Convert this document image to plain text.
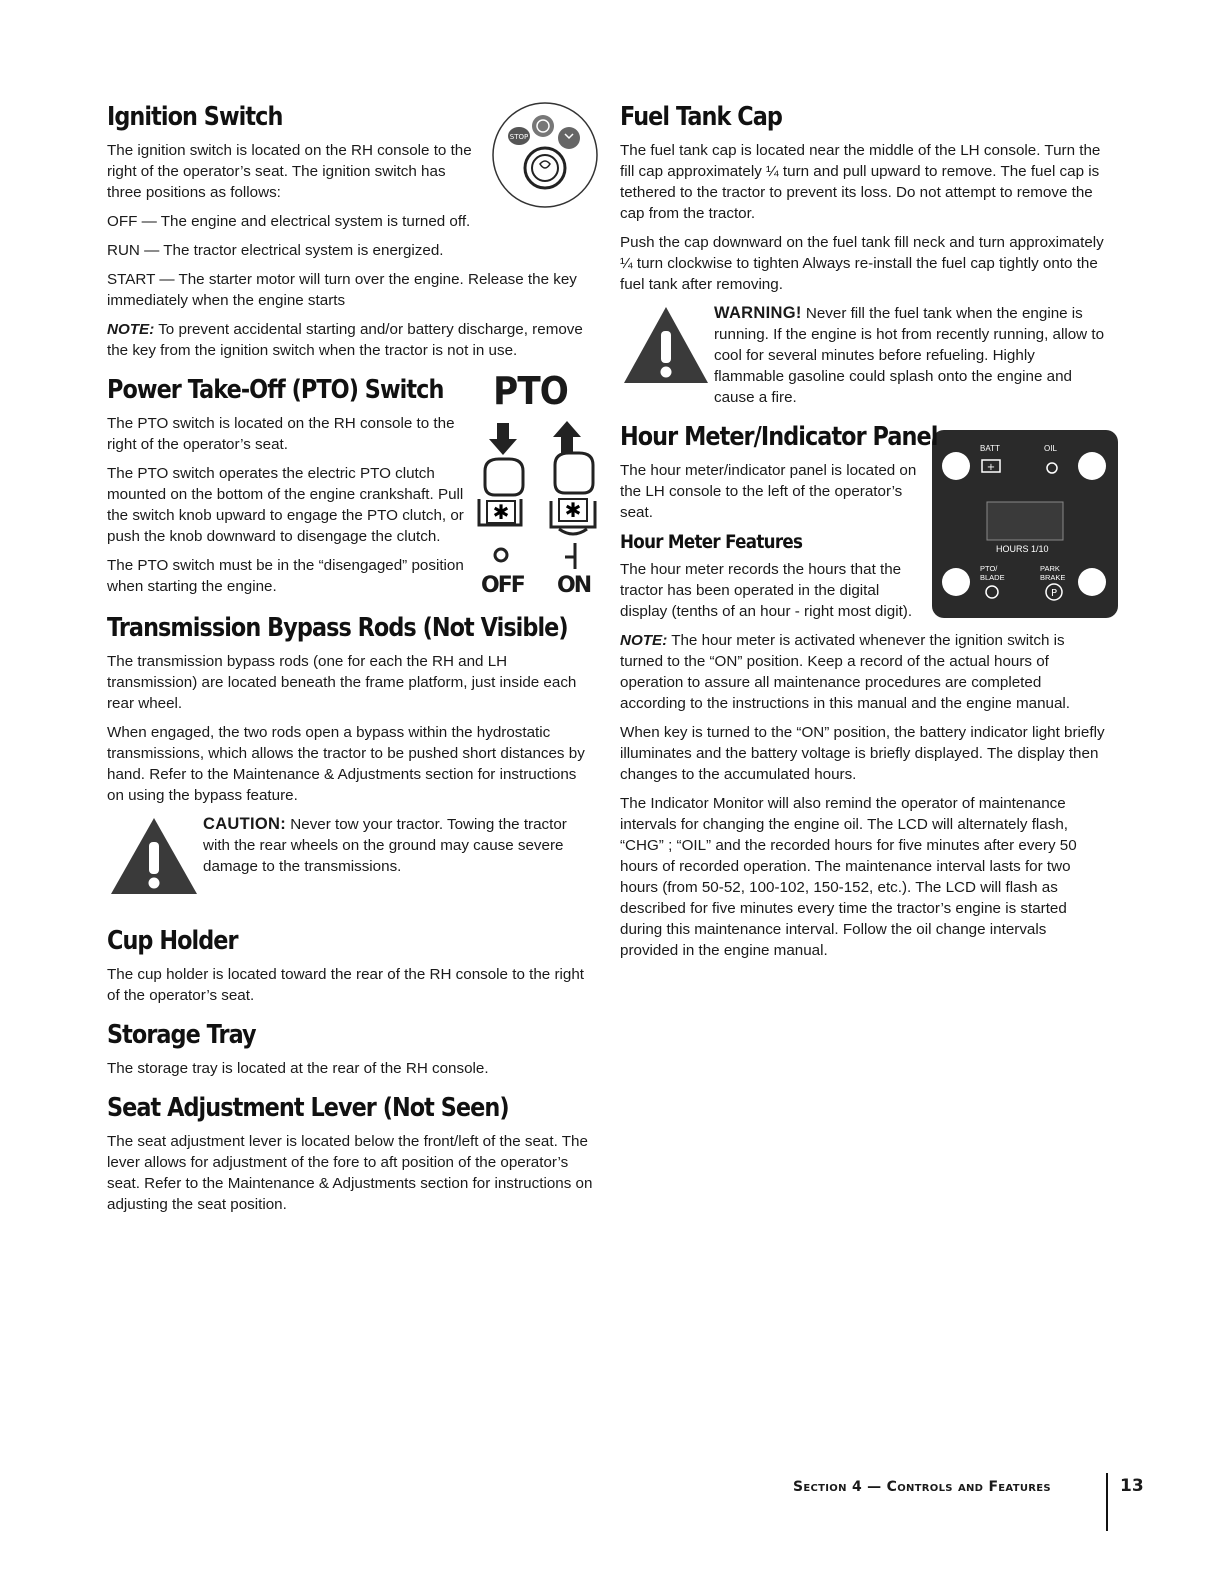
STOP
Ignition Switch

The ignition switch is located on the RH console to the right of the operator’s seat. The ignition switch has three positions as follows:

OFF — The engine and electrical system is turned off.

RUN — The tractor electrical system is energized.

START — The starter motor will turn over the engine. Release the key immediately when the engine starts

NOTE: To prevent accidental starting and/or battery discharge, remove the key from the ignition switch when the tractor is not in use.

PTO
✱	✱
OFF ON
Power Take-Off (PTO) Switch

The PTO switch is located on the RH console to the right of the operator’s seat.

The PTO switch operates the electric PTO clutch mounted on the bottom of the engine crankshaft. Pull the switch knob upward to engage the PTO clutch, or push the knob downward to disengage the clutch.

The PTO switch must be in the “disengaged” position when starting the engine.

Transmission Bypass Rods (Not Visible)

The transmission bypass rods (one for each the RH and LH transmission) are located beneath the frame platform, just inside each rear wheel.

When engaged, the two rods open a bypass within the hydrostatic transmissions, which allows the tractor to be pushed short distances by hand. Refer to the Maintenance & Adjustments section for instructions on using the bypass feature.

CAUTION: Never tow your tractor. Towing the tractor with the rear wheels on the ground may cause severe damage to the transmissions.
Cup Holder

The cup holder is located toward the rear of the RH console to the right of the operator’s seat.

Storage Tray

The storage tray is located at the rear of the RH console.

Seat Adjustment Lever (Not Seen)

The seat adjustment lever is located below the front/left of the seat. The lever allows for adjustment of the fore to aft position of the operator’s seat. Refer to the Maintenance & Adjustments section for instructions on adjusting the seat position.

Fuel Tank Cap

The fuel tank cap is located near the middle of the LH console. Turn the fill cap approximately ¼ turn and pull upward to remove. The fuel cap is tethered to the tractor to prevent its loss. Do not attempt to remove the cap from the tractor.

Push the cap downward on the fuel tank fill neck and turn approximately ¼ turn clockwise to tighten Always re-install the fuel cap tightly onto the fuel tank after removing.

WARNING! Never fill the fuel tank when the engine is running. If the engine is hot from recently running, allow to cool for several minutes before refueling. Highly flammable gasoline could splash onto the engine and cause a fire.
+
P
BATT	OIL
HOURS 1/10
PTO/ BLADE
PARK BRAKE
Hour Meter/Indicator Panel

The hour meter/indicator panel is located on the LH console to the left of the operator’s seat.

Hour Meter Features

The hour meter records the hours that the tractor has been operated in the digital display (tenths of an hour - right most digit).

NOTE: The hour meter is activated whenever the ignition switch is turned to the “ON” position. Keep a record of the actual hours of operation to assure all maintenance procedures are completed according to the instructions in this manual and the engine manual.

When key is turned to the “ON” position, the battery indicator light briefly illuminates and the battery voltage is briefly displayed. The display then changes to the accumulated hours.

The Indicator Monitor will also remind the operator of maintenance intervals for changing the engine oil. The LCD will alternately flash, “CHG” ; “OIL” and the recorded hours for five minutes after every 50 hours of recorded operation. The maintenance interval lasts for two hours (from 50-52, 100-102, 150-152, etc.). The LCD will flash as described for five minutes every time the tractor’s engine is started during this maintenance interval. Follow the oil change intervals provided in the engine manual.

Section 4 — Controls and Features	13
